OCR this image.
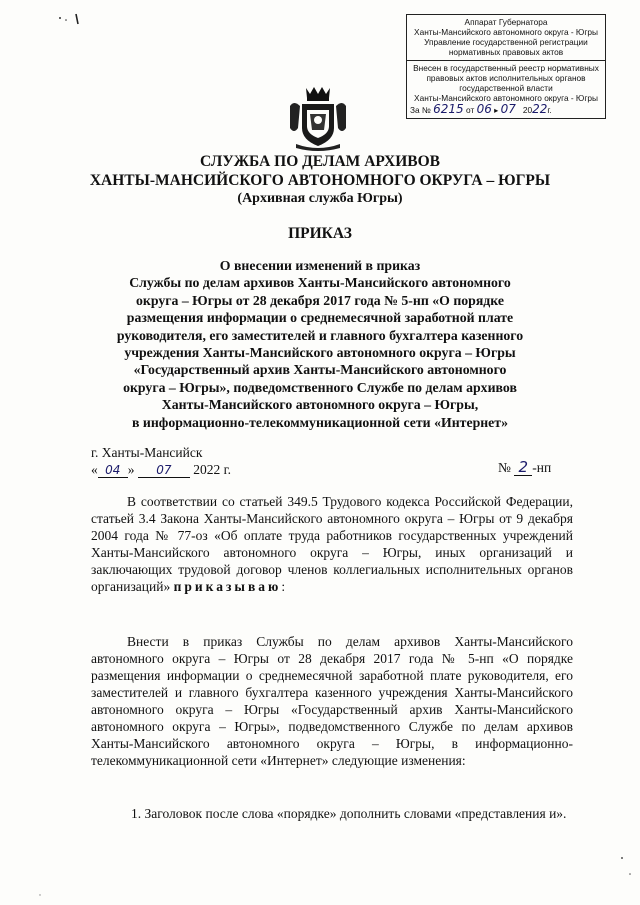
Аппарат Губернатора
Ханты-Мансийского автономного округа - Югры
Управление государственной регистрации
нормативных правовых актов
Внесен в государственный реестр нормативных
правовых актов исполнительных органов
государственной власти
Ханты-Мансийского автономного округа - Югры
За № 6215 от 06 ▸ 07 2022г.
СЛУЖБА ПО ДЕЛАМ АРХИВОВ
ХАНТЫ-МАНСИЙСКОГО АВТОНОМНОГО ОКРУГА – ЮГРЫ
(Архивная служба Югры)
ПРИКАЗ
О внесении изменений в приказ
Службы по делам архивов Ханты-Мансийского автономного
округа – Югры от 28 декабря 2017 года № 5-нп «О порядке
размещения информации о среднемесячной заработной плате
руководителя, его заместителей и главного бухгалтера казенного
учреждения Ханты-Мансийского автономного округа – Югры
«Государственный архив Ханты-Мансийского автономного
округа – Югры», подведомственного Службе по делам архивов
Ханты-Мансийского автономного округа – Югры,
в информационно-телекоммуникационной сети «Интернет»
г. Ханты-Мансийск
« 04 » 07 2022 г.	№ 2 -нп
В соответствии со статьей 349.5 Трудового кодекса Российской Федерации, статьей 3.4 Закона Ханты-Мансийского автономного округа – Югры от 9 декабря 2004 года № 77-оз «Об оплате труда работников государственных учреждений Ханты-Мансийского автономного округа – Югры, иных организаций и заключающих трудовой договор членов коллегиальных исполнительных органов организаций» приказываю:
Внести в приказ Службы по делам архивов Ханты-Мансийского автономного округа – Югры от 28 декабря 2017 года № 5-нп «О порядке размещения информации о среднемесячной заработной плате руководителя, его заместителей и главного бухгалтера казенного учреждения Ханты-Мансийского автономного округа – Югры «Государственный архив Ханты-Мансийского автономного округа – Югры», подведомственного Службе по делам архивов Ханты-Мансийского автономного округа – Югры, в информационно-телекоммуникационной сети «Интернет» следующие изменения:
1. Заголовок после слова «порядке» дополнить словами «представления и».
